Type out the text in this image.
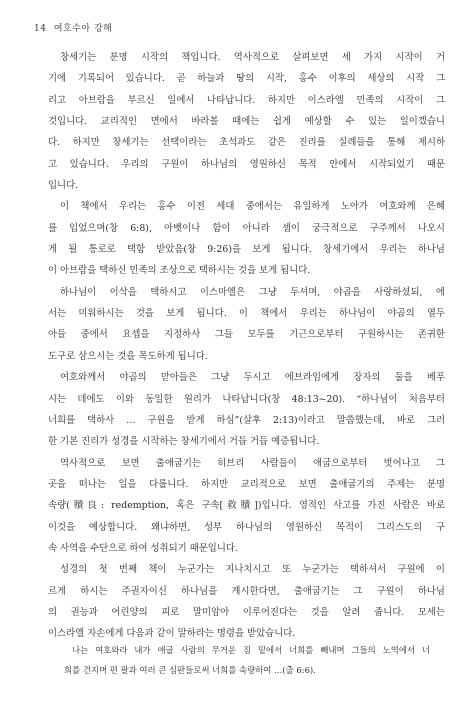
14 여호수아 강해
창세기는 분명 시작의 책입니다. 역사적으로 살펴보면 세 가지 시작이 거
기에 기록되어 있습니다. 곧 하늘과 땅의 시작, 홍수 이후의 세상의 시작 그
리고 아브람을 부르신 일에서 나타납니다. 하지만 이스라엘 민족의 시작이 그
것입니다. 교리적인 면에서 바라볼 때에는 쉽게 예상할 수 있는 일이겠습니
다. 하지만 창세기는 선택이라는 초석과도 같은 진리를 실례들을 통해 제시하
고 있습니다. 우리의 구원이 하나님의 영원하신 목적 안에서 시작되었기 때문
입니다.
이 책에서 우리는 홍수 이전 세대 중에서는 유일하게 노아가 여호와께 은혜
를 입었으며(창 6:8), 아벳이나 함이 아니라 셈이 궁극적으로 구주께서 나오시
게 될 통로로 택함 받았음(창 9:26)을 보게 됩니다. 창세기에서 우리는 하나님
이 아브람을 택하신 민족의 조상으로 택하시는 것을 보게 됩니다.
하나님이 이삭을 택하시고 이스마엘은 그냥 두셔며, 야곱을 사랑하셨되, 에
서는 미워하시는 것을 보게 됩니다. 이 책에서 우리는 하나님이 야곱의 열두
아들 중에서 요셉을 지정하사 그들 모두를 기근으로부터 구원하시는 존귀한
도구로 삼으시는 것을 목도하게 됩니다.
여호와께서 야곱의 맏아들은 그냥 두시고 에브라임에게 장자의 둘을 베푸
시는 데에도 이와 동일한 원리가 나타납니다(창 48:13~20). “하나님이 처음부터
너희를 택하사 … 구원을 받게 하심”(살후 2:13)이라고 말씀했는데, 바로 그러
한 기본 진리가 성경을 시작하는 창세기에서 거듭 거듭 예증됩니다.
역사적으로 보면 출애굽기는 히브리 사람들이 애굽으로부터 벗어나고 그
곳을 떠나는 일을 다룹니다. 하지만 교리적으로 보면 출애굽기의 주제는 분명
속량(贖良: redemption, 혹은 구속[救贖])입니다. 영적인 사고를 가진 사람은 바로
이것을 예상합니다. 왜냐하면, 성부 하나님의 영원하신 목적이 그리스도의 구
속 사역을 수단으로 하여 성취되기 때문입니다.
성경의 첫 번째 책이 누군가는 지나치시고 또 누군가는 택하셔서 구원에 이
르게 하시는 주권자이신 하나님을 계시한다면, 출애굽기는 그 구원이 하나님
의 권능과 어린양의 피로 말미암아 이루어진다는 것을 알려 줍니다. 모세는
이스라엘 자손에게 다음과 같이 말하라는 명령을 받았습니다.
나는 여호와라 내가 애굽 사람의 무거운 짐 밑에서 너희를 빼내며 그들의 노역에서 너
희를 건지며 편 팔과 여러 큰 심판들로써 너희를 속량하여 …(출 6:6).
